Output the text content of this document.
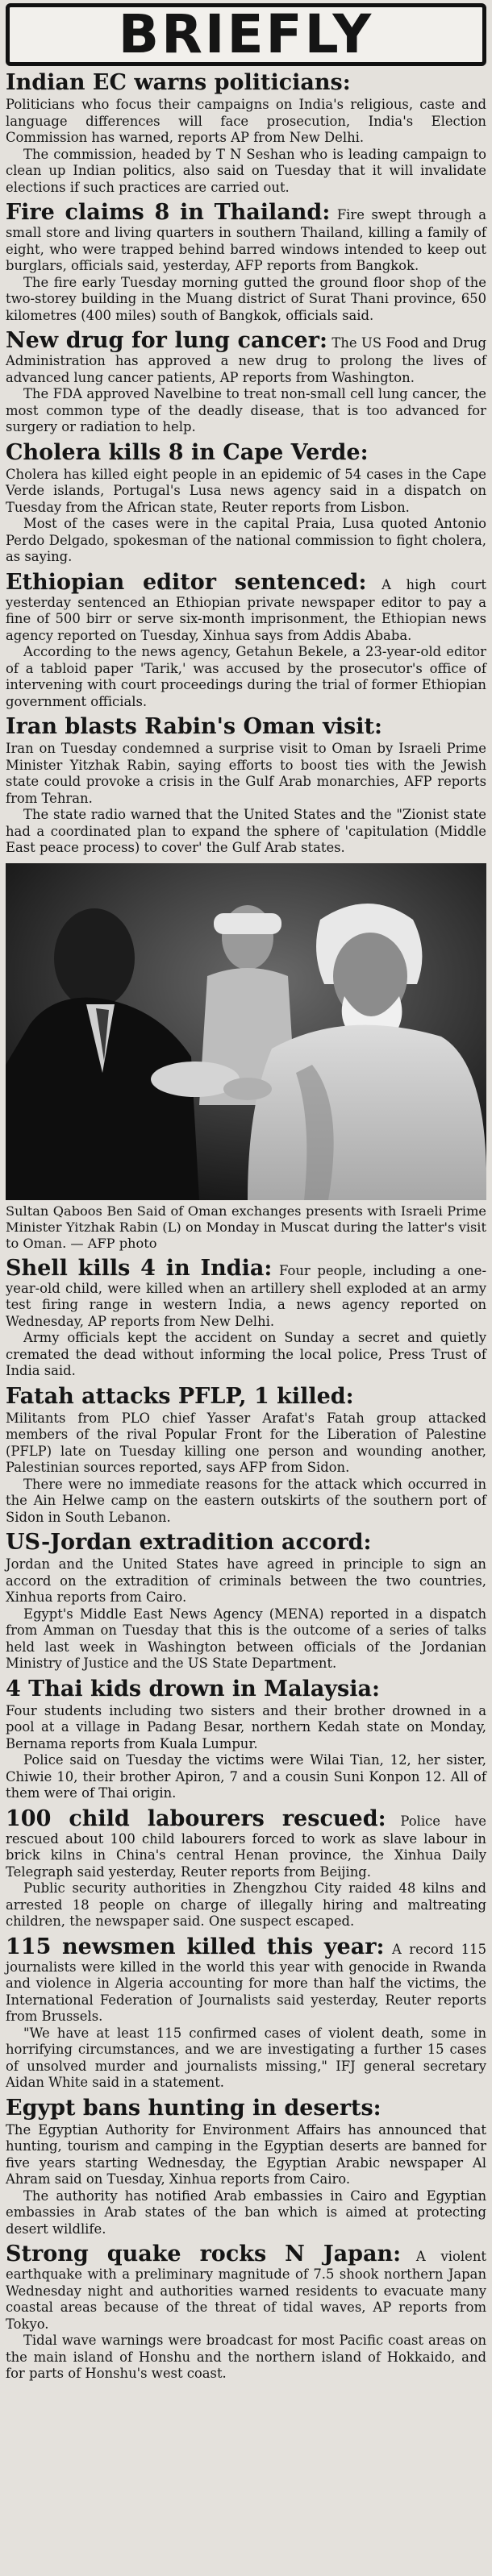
BRIEFLY
Indian EC warns politicians:

Politicians who focus their campaigns on India's religious, caste and language differences will face prosecution, India's Election Commission has warned, reports AP from New Delhi.

The commission, headed by T N Seshan who is leading campaign to clean up Indian politics, also said on Tuesday that it will invalidate elections if such practices are carried out.

Fire claims 8 in Thailand: Fire swept through a small store and living quarters in southern Thailand, killing a family of eight, who were trapped behind barred windows intended to keep out burglars, officials said, yesterday, AFP reports from Bangkok.

The fire early Tuesday morning gutted the ground floor shop of the two-storey building in the Muang district of Surat Thani province, 650 kilometres (400 miles) south of Bangkok, officials said.

New drug for lung cancer: The US Food and Drug Administration has approved a new drug to prolong the lives of advanced lung cancer patients, AP reports from Washington.

The FDA approved Navelbine to treat non-small cell lung cancer, the most common type of the deadly disease, that is too advanced for surgery or radiation to help.

Cholera kills 8 in Cape Verde:

Cholera has killed eight people in an epidemic of 54 cases in the Cape Verde islands, Portugal's Lusa news agency said in a dispatch on Tuesday from the African state, Reuter reports from Lisbon.

Most of the cases were in the capital Praia, Lusa quoted Antonio Perdo Delgado, spokesman of the national commission to fight cholera, as saying.

Ethiopian editor sentenced: A high court yesterday sentenced an Ethiopian private newspaper editor to pay a fine of 500 birr or serve six-month imprisonment, the Ethiopian news agency reported on Tuesday, Xinhua says from Addis Ababa.

According to the news agency, Getahun Bekele, a 23-year-old editor of a tabloid paper 'Tarik,' was accused by the prosecutor's office of intervening with court proceedings during the trial of former Ethiopian government officials.

Iran blasts Rabin's Oman visit:

Iran on Tuesday condemned a surprise visit to Oman by Israeli Prime Minister Yitzhak Rabin, saying efforts to boost ties with the Jewish state could provoke a crisis in the Gulf Arab monarchies, AFP reports from Tehran.

The state radio warned that the United States and the "Zionist state had a coordinated plan to expand the sphere of 'capitulation (Middle East peace process) to cover' the Gulf Arab states.

Sultan Qaboos Ben Said of Oman exchanges presents with Israeli Prime Minister Yitzhak Rabin (L) on Monday in Muscat during the latter's visit to Oman. — AFP photo

Shell kills 4 in India: Four people, including a one-year-old child, were killed when an artillery shell exploded at an army test firing range in western India, a news agency reported on Wednesday, AP reports from New Delhi.

Army officials kept the accident on Sunday a secret and quietly cremated the dead without informing the local police, Press Trust of India said.

Fatah attacks PFLP, 1 killed:

Militants from PLO chief Yasser Arafat's Fatah group attacked members of the rival Popular Front for the Liberation of Palestine (PFLP) late on Tuesday killing one person and wounding another, Palestinian sources reported, says AFP from Sidon.

There were no immediate reasons for the attack which occurred in the Ain Helwe camp on the eastern outskirts of the southern port of Sidon in South Lebanon.

US-Jordan extradition accord:

Jordan and the United States have agreed in principle to sign an accord on the extradition of criminals between the two countries, Xinhua reports from Cairo.

Egypt's Middle East News Agency (MENA) reported in a dispatch from Amman on Tuesday that this is the outcome of a series of talks held last week in Washington between officials of the Jordanian Ministry of Justice and the US State Department.

4 Thai kids drown in Malaysia:

Four students including two sisters and their brother drowned in a pool at a village in Padang Besar, northern Kedah state on Monday, Bernama reports from Kuala Lumpur.

Police said on Tuesday the victims were Wilai Tian, 12, her sister, Chiwie 10, their brother Apiron, 7 and a cousin Suni Konpon 12. All of them were of Thai origin.

100 child labourers rescued: Police have rescued about 100 child labourers forced to work as slave labour in brick kilns in China's central Henan province, the Xinhua Daily Telegraph said yesterday, Reuter reports from Beijing.

Public security authorities in Zhengzhou City raided 48 kilns and arrested 18 people on charge of illegally hiring and maltreating children, the newspaper said. One suspect escaped.

115 newsmen killed this year: A record 115 journalists were killed in the world this year with genocide in Rwanda and violence in Algeria accounting for more than half the victims, the International Federation of Journalists said yesterday, Reuter reports from Brussels.

"We have at least 115 confirmed cases of violent death, some in horrifying circumstances, and we are investigating a further 15 cases of unsolved murder and journalists missing," IFJ general secretary Aidan White said in a statement.

Egypt bans hunting in deserts:

The Egyptian Authority for Environment Affairs has announced that hunting, tourism and camping in the Egyptian deserts are banned for five years starting Wednesday, the Egyptian Arabic newspaper Al Ahram said on Tuesday, Xinhua reports from Cairo.

The authority has notified Arab embassies in Cairo and Egyptian embassies in Arab states of the ban which is aimed at protecting desert wildlife.

Strong quake rocks N Japan: A violent earthquake with a preliminary magnitude of 7.5 shook northern Japan Wednesday night and authorities warned residents to evacuate many coastal areas because of the threat of tidal waves, AP reports from Tokyo.

Tidal wave warnings were broadcast for most Pacific coast areas on the main island of Honshu and the northern island of Hokkaido, and for parts of Honshu's west coast.
